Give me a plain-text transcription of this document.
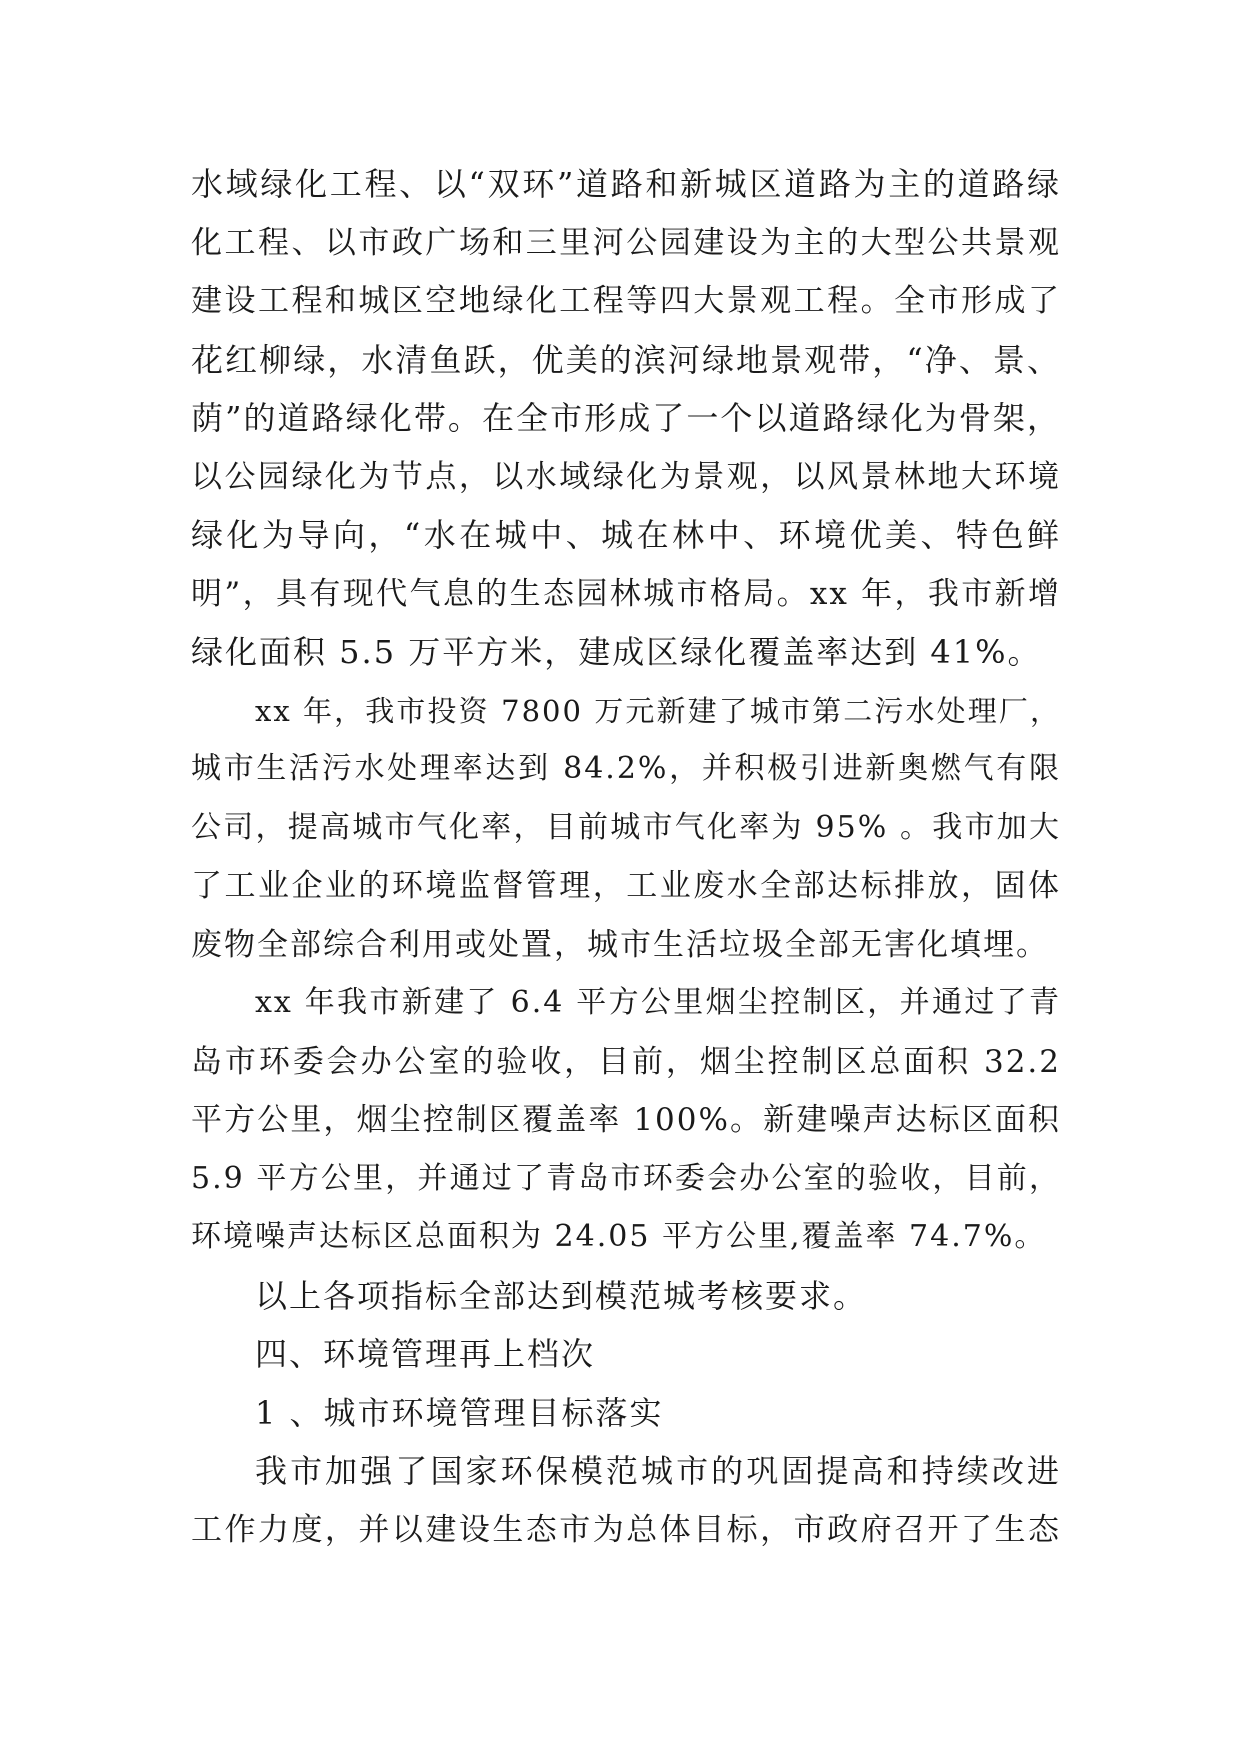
水域绿化工程、以“双环”道路和新城区道路为主的道路绿
化工程、以市政广场和三里河公园建设为主的大型公共景观
建设工程和城区空地绿化工程等四大景观工程。全市形成了
花红柳绿，水清鱼跃，优美的滨河绿地景观带，“净、景、
荫”的道路绿化带。在全市形成了一个以道路绿化为骨架，
以公园绿化为节点，以水域绿化为景观，以风景林地大环境
绿化为导向，“水在城中、城在林中、环境优美、特色鲜
明”，具有现代气息的生态园林城市格局。xx 年，我市新增
绿化面积 5.5 万平方米，建成区绿化覆盖率达到 41%。
xx 年，我市投资 7800 万元新建了城市第二污水处理厂，
城市生活污水处理率达到 84.2%，并积极引进新奥燃气有限
公司，提高城市气化率，目前城市气化率为 95% 。我市加大
了工业企业的环境监督管理，工业废水全部达标排放，固体
废物全部综合利用或处置，城市生活垃圾全部无害化填埋。
xx 年我市新建了 6.4 平方公里烟尘控制区，并通过了青
岛市环委会办公室的验收，目前，烟尘控制区总面积 32.2
平方公里，烟尘控制区覆盖率 100%。新建噪声达标区面积
5.9 平方公里，并通过了青岛市环委会办公室的验收，目前，
环境噪声达标区总面积为 24.05 平方公里,覆盖率 74.7%。
以上各项指标全部达到模范城考核要求。
四、环境管理再上档次
1 、城市环境管理目标落实
我市加强了国家环保模范城市的巩固提高和持续改进
工作力度，并以建设生态市为总体目标，市政府召开了生态
